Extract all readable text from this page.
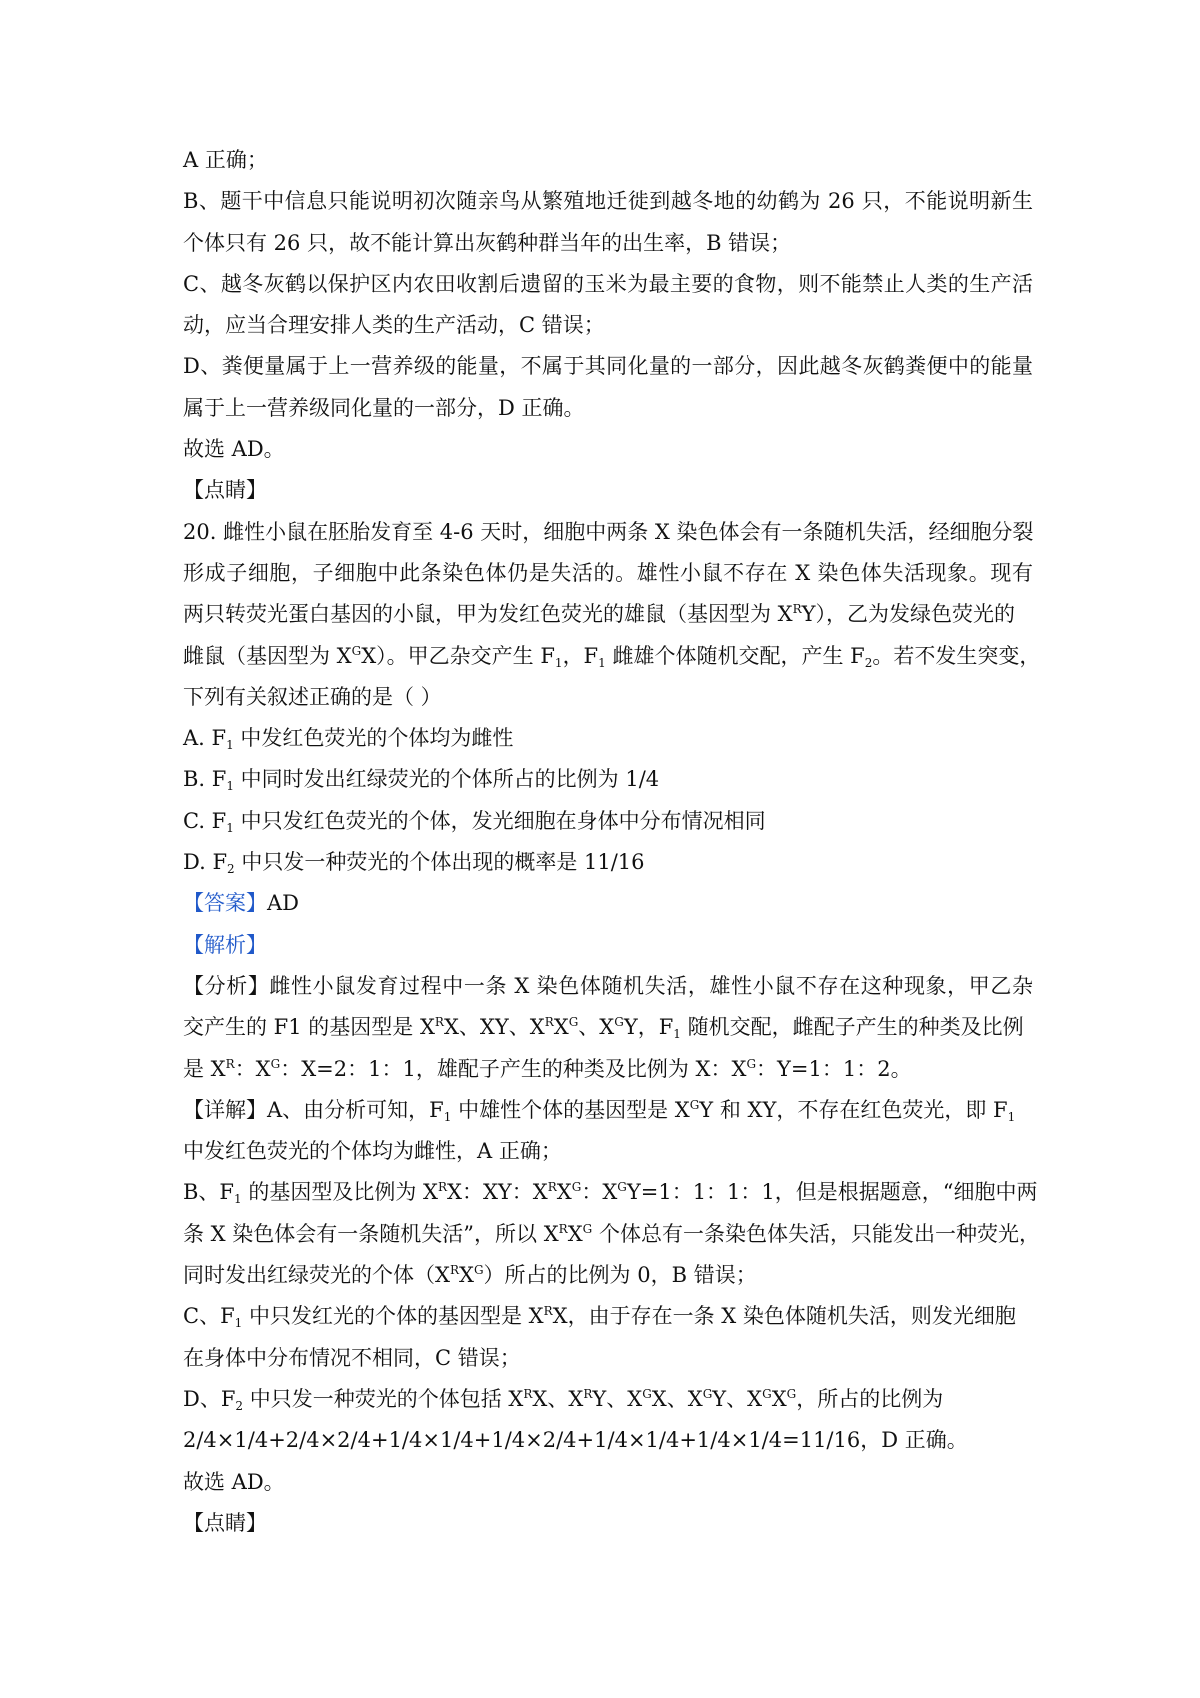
A 正确；
B、题干中信息只能说明初次随亲鸟从繁殖地迁徙到越冬地的幼鹤为 26 只，不能说明新生
个体只有 26 只，故不能计算出灰鹤种群当年的出生率，B 错误；
C、越冬灰鹤以保护区内农田收割后遗留的玉米为最主要的食物，则不能禁止人类的生产活
动，应当合理安排人类的生产活动，C 错误；
D、粪便量属于上一营养级的能量，不属于其同化量的一部分，因此越冬灰鹤粪便中的能量
属于上一营养级同化量的一部分，D 正确。
故选 AD。
【点睛】
20. 雌性小鼠在胚胎发育至 4-6 天时，细胞中两条 X 染色体会有一条随机失活，经细胞分裂
形成子细胞，子细胞中此条染色体仍是失活的。雄性小鼠不存在 X 染色体失活现象。现有
两只转荧光蛋白基因的小鼠，甲为发红色荧光的雄鼠（基因型为 $X^RY$），乙为发绿色荧光的
雌鼠（基因型为 $X^GX$）。甲乙杂交产生 $F_1$，$F_1$ 雌雄个体随机交配，产生 $F_2$。若不发生突变，
下列有关叙述正确的是（ ）
A. $F_1$ 中发红色荧光的个体均为雌性
B. $F_1$ 中同时发出红绿荧光的个体所占的比例为 1/4
C. $F_1$ 中只发红色荧光的个体，发光细胞在身体中分布情况相同
D. $F_2$ 中只发一种荧光的个体出现的概率是 11/16
【答案】AD
【解析】
【分析】雌性小鼠发育过程中一条 X 染色体随机失活，雄性小鼠不存在这种现象，甲乙杂
交产生的 F1 的基因型是 $X^RX$、XY、$X^RX^G$、$X^GY$，$F_1$ 随机交配，雌配子产生的种类及比例
是 $X^R$：$X^G$：X=2：1：1，雄配子产生的种类及比例为 X：$X^G$：Y=1：1：2。
【详解】A、由分析可知，$F_1$ 中雄性个体的基因型是 $X^GY$ 和 XY，不存在红色荧光，即 $F_1$
中发红色荧光的个体均为雌性，A 正确；
B、$F_1$ 的基因型及比例为 $X^RX$：XY：$X^RX^G$：$X^GY=1$：1：1：1，但是根据题意，“细胞中两
条 X 染色体会有一条随机失活”，所以 $X^RX^G$ 个体总有一条染色体失活，只能发出一种荧光，
同时发出红绿荧光的个体$(X^RX^G)$所占的比例为 0，B 错误；
C、$F_1$ 中只发红光的个体的基因型是 $X^RX$，由于存在一条 X 染色体随机失活，则发光细胞
在身体中分布情况不相同，C 错误；
D、$F_2$ 中只发一种荧光的个体包括 $X^RX$、$X^RY$、$X^GX$、$X^GY$、$X^GX^G$，所占的比例为
2/4×1/4+2/4×2/4+1/4×1/4+1/4×2/4+1/4×1/4+1/4×1/4=11/16，D 正确。
故选 AD。
【点睛】
